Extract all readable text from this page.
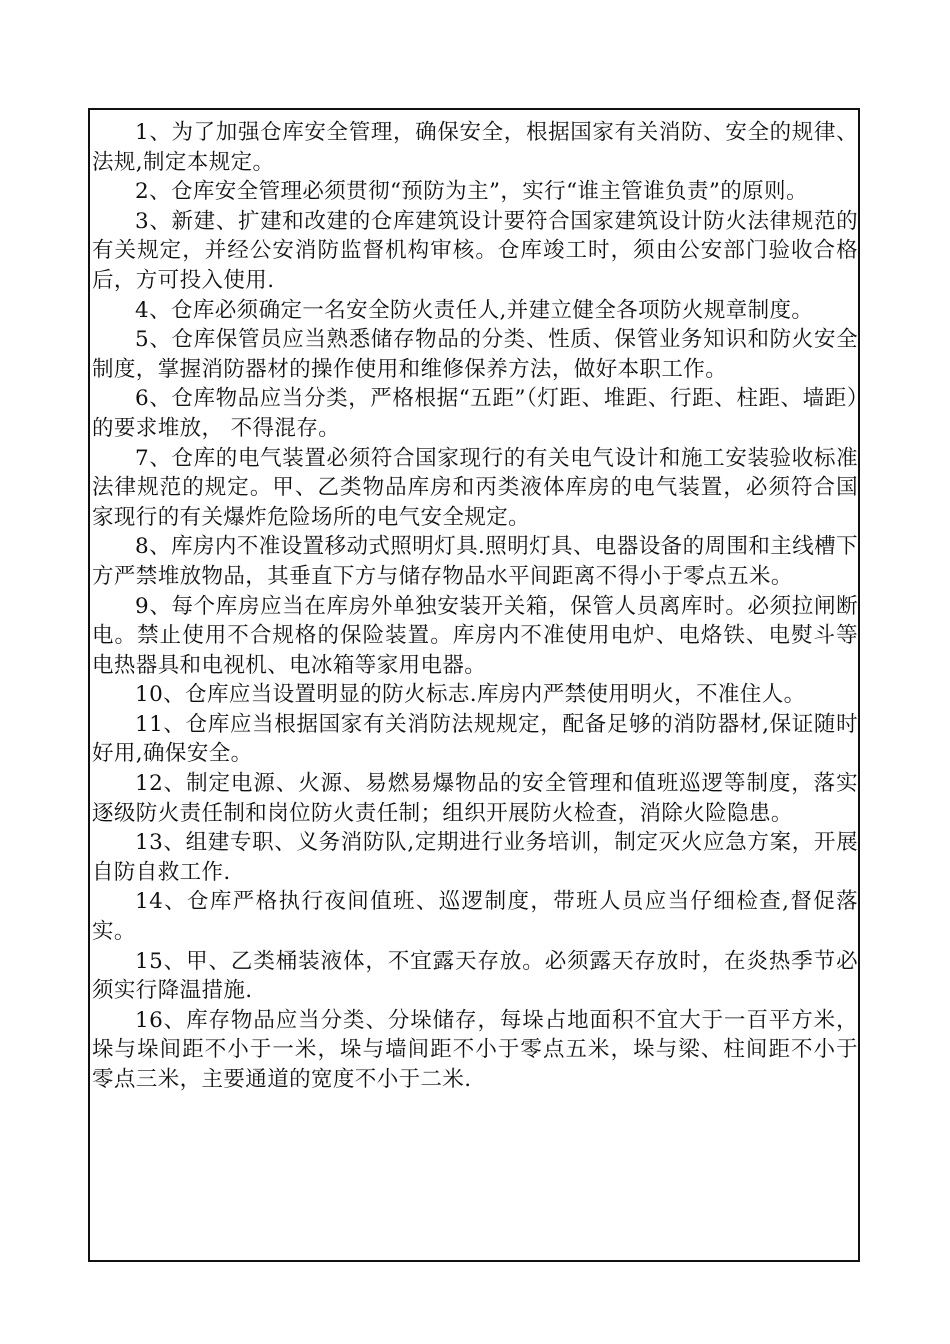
1、为了加强仓库安全管理，确保安全，根据国家有关消防、安全的规律、法规,制定本规定。

2、仓库安全管理必须贯彻“预防为主”，实行“谁主管谁负责”的原则。

3、新建、扩建和改建的仓库建筑设计要符合国家建筑设计防火法律规范的有关规定，并经公安消防监督机构审核。仓库竣工时，须由公安部门验收合格后，方可投入使用.

4、仓库必须确定一名安全防火责任人,并建立健全各项防火规章制度。

5、仓库保管员应当熟悉储存物品的分类、性质、保管业务知识和防火安全制度，掌握消防器材的操作使用和维修保养方法，做好本职工作。

6、仓库物品应当分类，严格根据“五距”（灯距、堆距、行距、柱距、墙距）的要求堆放， 不得混存。

7、仓库的电气装置必须符合国家现行的有关电气设计和施工安装验收标准法律规范的规定。甲、乙类物品库房和丙类液体库房的电气装置，必须符合国家现行的有关爆炸危险场所的电气安全规定。

8、库房内不准设置移动式照明灯具.照明灯具、电器设备的周围和主线槽下方严禁堆放物品，其垂直下方与储存物品水平间距离不得小于零点五米。

9、每个库房应当在库房外单独安装开关箱，保管人员离库时。必须拉闸断电。禁止使用不合规格的保险装置。库房内不准使用电炉、电烙铁、电熨斗等电热器具和电视机、电冰箱等家用电器。

10、仓库应当设置明显的防火标志.库房内严禁使用明火，不准住人。

11、仓库应当根据国家有关消防法规规定，配备足够的消防器材,保证随时好用,确保安全。

12、制定电源、火源、易燃易爆物品的安全管理和值班巡逻等制度，落实逐级防火责任制和岗位防火责任制；组织开展防火检查，消除火险隐患。

13、组建专职、义务消防队,定期进行业务培训，制定灭火应急方案，开展自防自救工作.

14、仓库严格执行夜间值班、巡逻制度，带班人员应当仔细检查,督促落实。

15、甲、乙类桶装液体，不宜露天存放。必须露天存放时，在炎热季节必须实行降温措施.

16、库存物品应当分类、分垛储存，每垛占地面积不宜大于一百平方米，垛与垛间距不小于一米，垛与墙间距不小于零点五米，垛与梁、柱间距不小于零点三米，主要通道的宽度不小于二米.
